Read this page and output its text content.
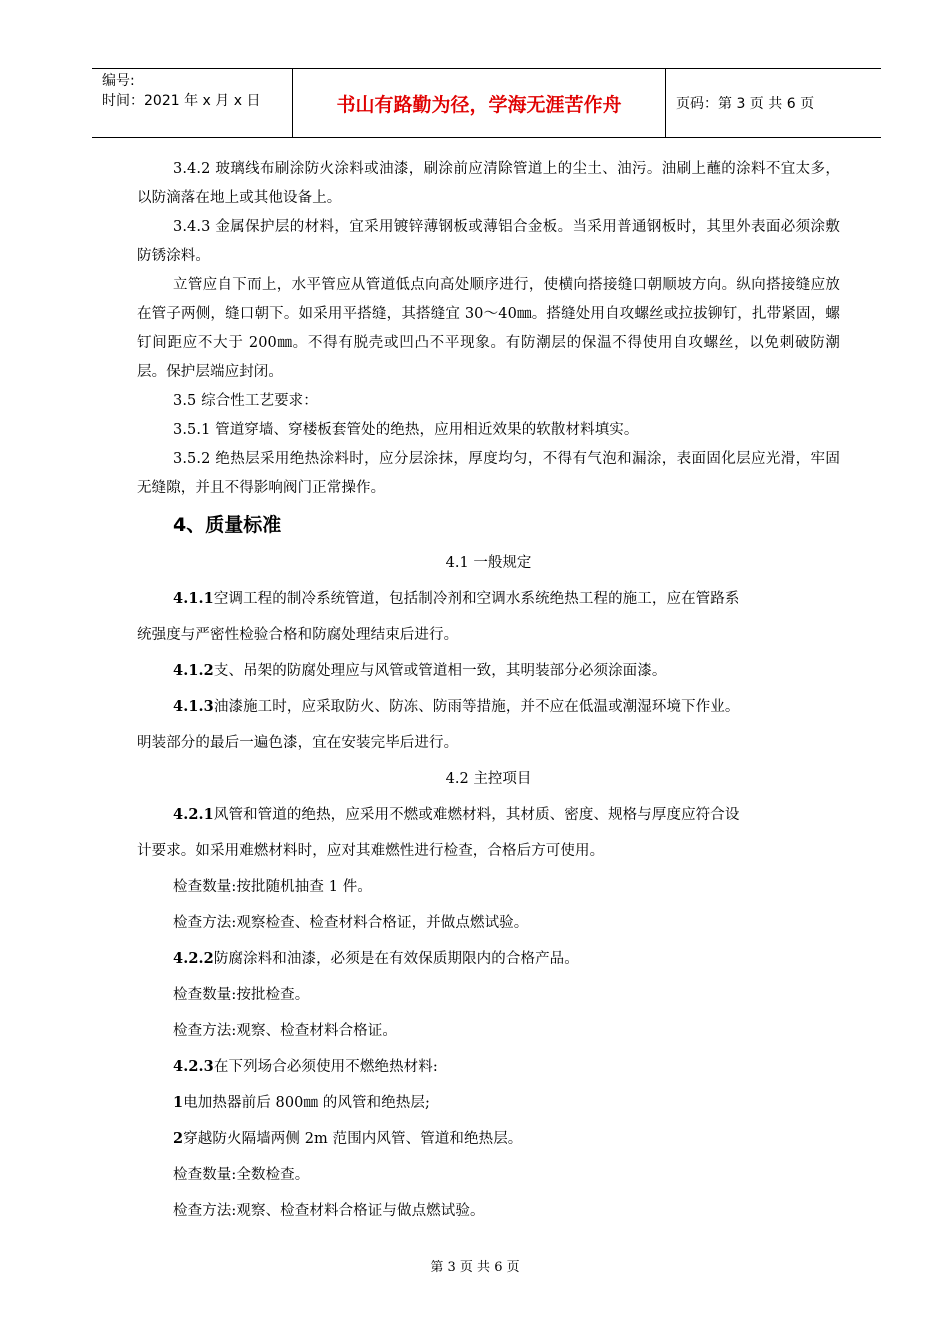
编号:
时间：2021 年 x 月 x 日	书山有路勤为径，学海无涯苦作舟	页码：第 3 页 共 6 页

3.4.2 玻璃线布刷涂防火涂料或油漆，刷涂前应清除管道上的尘土、油污。油刷上蘸的涂料不宜太多，以防滴落在地上或其他设备上。

3.4.3 金属保护层的材料，宜采用镀锌薄钢板或薄铝合金板。当采用普通钢板时，其里外表面必须涂敷防锈涂料。

立管应自下而上，水平管应从管道低点向高处顺序进行，使横向搭接缝口朝顺坡方向。纵向搭接缝应放在管子两侧，缝口朝下。如采用平搭缝，其搭缝宜 30～40㎜。搭缝处用自攻螺丝或拉拔铆钉，扎带紧固，螺钉间距应不大于 200㎜。不得有脱壳或凹凸不平现象。有防潮层的保温不得使用自攻螺丝，以免刺破防潮层。保护层端应封闭。

3.5 综合性工艺要求：

3.5.1 管道穿墙、穿楼板套管处的绝热，应用相近效果的软散材料填实。

3.5.2 绝热层采用绝热涂料时，应分层涂抹，厚度均匀，不得有气泡和漏涂，表面固化层应光滑，牢固无缝隙，并且不得影响阀门正常操作。

4、质量标准

4.1 一般规定

4.1.1空调工程的制冷系统管道，包括制冷剂和空调水系统绝热工程的施工，应在管路系

统强度与严密性检验合格和防腐处理结束后进行。

4.1.2支、吊架的防腐处理应与风管或管道相一致，其明装部分必须涂面漆。

4.1.3油漆施工时，应采取防火、防冻、防雨等措施，并不应在低温或潮湿环境下作业。

明装部分的最后一遍色漆，宜在安装完毕后进行。

4.2 主控项目

4.2.1风管和管道的绝热，应采用不燃或难燃材料，其材质、密度、规格与厚度应符合设

计要求。如采用难燃材料时，应对其难燃性进行检查，合格后方可使用。

检查数量:按批随机抽查 1 件。

检查方法:观察检查、检查材料合格证，并做点燃试验。

4.2.2防腐涂料和油漆，必须是在有效保质期限内的合格产品。

检查数量:按批检查。

检查方法:观察、检查材料合格证。

4.2.3在下列场合必须使用不燃绝热材料:

1电加热器前后 800㎜ 的风管和绝热层;

2穿越防火隔墙两侧 2m 范围内风管、管道和绝热层。

检查数量:全数检查。

检查方法:观察、检查材料合格证与做点燃试验。

第 3 页 共 6 页
